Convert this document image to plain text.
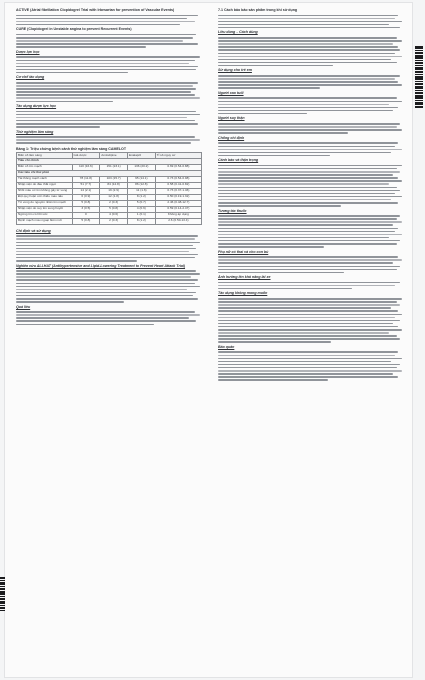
ACTIVE (Atrial fibrillation Clopidogrel Trial with Irbesartan for prevention of Vascular Events)
CURE (Clopidogrel in Unstable angina to prevent Recurrent Events)
Dược lực học
Cơ chế tác dụng
Tác dụng dược lực học
Thử nghiệm lâm sàng
Bảng 1: Triệu chứng bệnh cảnh thử nghiệm lâm sàng CAMELOT
Biến cố lâm sàng	Giả dược	Amlodipine	Enalapril	Tỉ số nguy cơ
Tiêu chí chính				
Biến cố tim mạch	110 (16.6)	151 (23.1)	136 (20.2)	0.69 (0.54-0.88)
Các tiêu chí thứ phát				
Tái thông mạch vành	78 (11.8)	103 (15.7)	95 (14.1)	0.73 (0.54-0.98)
Nhập viện do đau thắt ngực	51 (7.7)	84 (12.8)	86 (12.8)	0.58 (0.41-0.82)
Nhồi máu cơ tim không gây tử vong	14 (2.1)	19 (2.9)	11 (1.6)	0.73 (0.37-1.46)
Đột quỵ hoặc cơn thiếu máu não	6 (0.9)	12 (1.8)	8 (1.2)	0.50 (0.19-1.32)
Tử vong do nguyên nhân tim mạch	5 (0.8)	2 (0.3)	5 (0.7)	2.46 (0.48-12.7)
Nhập viện do suy tim sung huyết	3 (0.5)	5 (0.8)	4 (0.6)	0.59 (0.14-2.47)
Ngừng tim có hồi sức	0	4 (0.6)	1 (0.1)	Không áp dụng
Bệnh mạch máu ngoại biên mới	5 (0.8)	2 (0.3)	8 (1.2)	2.6 (0.50-13.4)
Chỉ định và sử dụng
Nghiên cứu ALLHAT (Antihypertensive and Lipid-Lowering Treatment to Prevent Heart Attack Trial)
Quá liều
7.1 Cách bảo bảo sản phẩm trong khi sử dụng
Liều dùng – Cách dùng
Sử dụng cho trẻ em
Người cao tuổi
Người suy thận
Chống chỉ định
Cảnh báo và thận trọng
Tương tác thuốc
Phụ nữ có thai và cho con bú
Ảnh hưởng lên khả năng lái xe
Tác dụng không mong muốn
Bảo quản
